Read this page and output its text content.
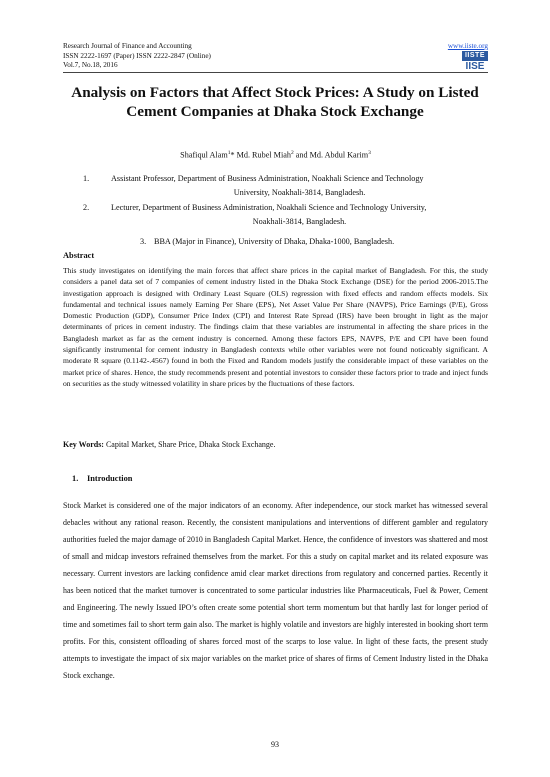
Research Journal of Finance and Accounting
ISSN 2222-1697 (Paper) ISSN 2222-2847 (Online)
Vol.7, No.18, 2016
www.iiste.org
IISTE
IISE
Analysis on Factors that Affect Stock Prices: A Study on Listed Cement Companies at Dhaka Stock Exchange
Shafiqul Alam$^1$* Md. Rubel Miah$^2$ and Md. Abdul Karim$^3$
1.	Assistant Professor, Department of Business Administration, Noakhali Science and Technology
University, Noakhali-3814, Bangladesh.
2.	Lecturer, Department of Business Administration, Noakhali Science and Technology University,
Noakhali-3814, Bangladesh.
3. BBA (Major in Finance), University of Dhaka, Dhaka-1000, Bangladesh.
Abstract
This study investigates on identifying the main forces that affect share prices in the capital market of Bangladesh. For this, the study considers a panel data set of 7 companies of cement industry listed in the Dhaka Stock Exchange (DSE) for the period 2006-2015.The investigation approach is designed with Ordinary Least Square (OLS) regression with fixed effects and random effects models. Six fundamental and technical issues namely Earning Per Share (EPS), Net Asset Value Per Share (NAVPS), Price Earnings (P/E), Gross Domestic Production (GDP), Consumer Price Index (CPI) and Interest Rate Spread (IRS) have been brought in light as the major determinants of prices in cement industry. The findings claim that these variables are instrumental in affecting the share prices in the Bangladesh market as far as the cement industry is concerned. Among these factors EPS, NAVPS, P/E and CPI have been found significantly instrumental for cement industry in Bangladesh contexts while other variables were not found noticeably significant. A moderate R square (0.1142-.4567) found in both the Fixed and Random models justify the considerable impact of these variables on the market price of shares. Hence, the study recommends present and potential investors to consider these factors prior to trade and inject funds on securities as the study witnessed volatility in share prices by the fluctuations of these factors.
Key Words: Capital Market, Share Price, Dhaka Stock Exchange.
1. Introduction
Stock Market is considered one of the major indicators of an economy. After independence, our stock market has witnessed several debacles without any rational reason. Recently, the consistent manipulations and interventions of different gambler and regulatory authorities fueled the major damage of 2010 in Bangladesh Capital Market. Hence, the confidence of investors was shattered and most of small and midcap investors refrained themselves from the market. For this a study on capital market and its related exposure was necessary. Current investors are lacking confidence amid clear market directions from regulatory and concerned parties. Recently it has been noticed that the market turnover is concentrated to some particular industries like Pharmaceuticals, Fuel & Power, Cement and Engineering. The newly Issued IPO’s often create some potential short term momentum but that hardly last for longer period of time and sometimes fail to short term gain also. The market is highly volatile and investors are highly interested in booking short term profits. For this, consistent offloading of shares forced most of the scarps to lose value. In light of these facts, the present study attempts to investigate the impact of six major variables on the market price of shares of firms of Cement Industry listed in the Dhaka Stock exchange.
93
